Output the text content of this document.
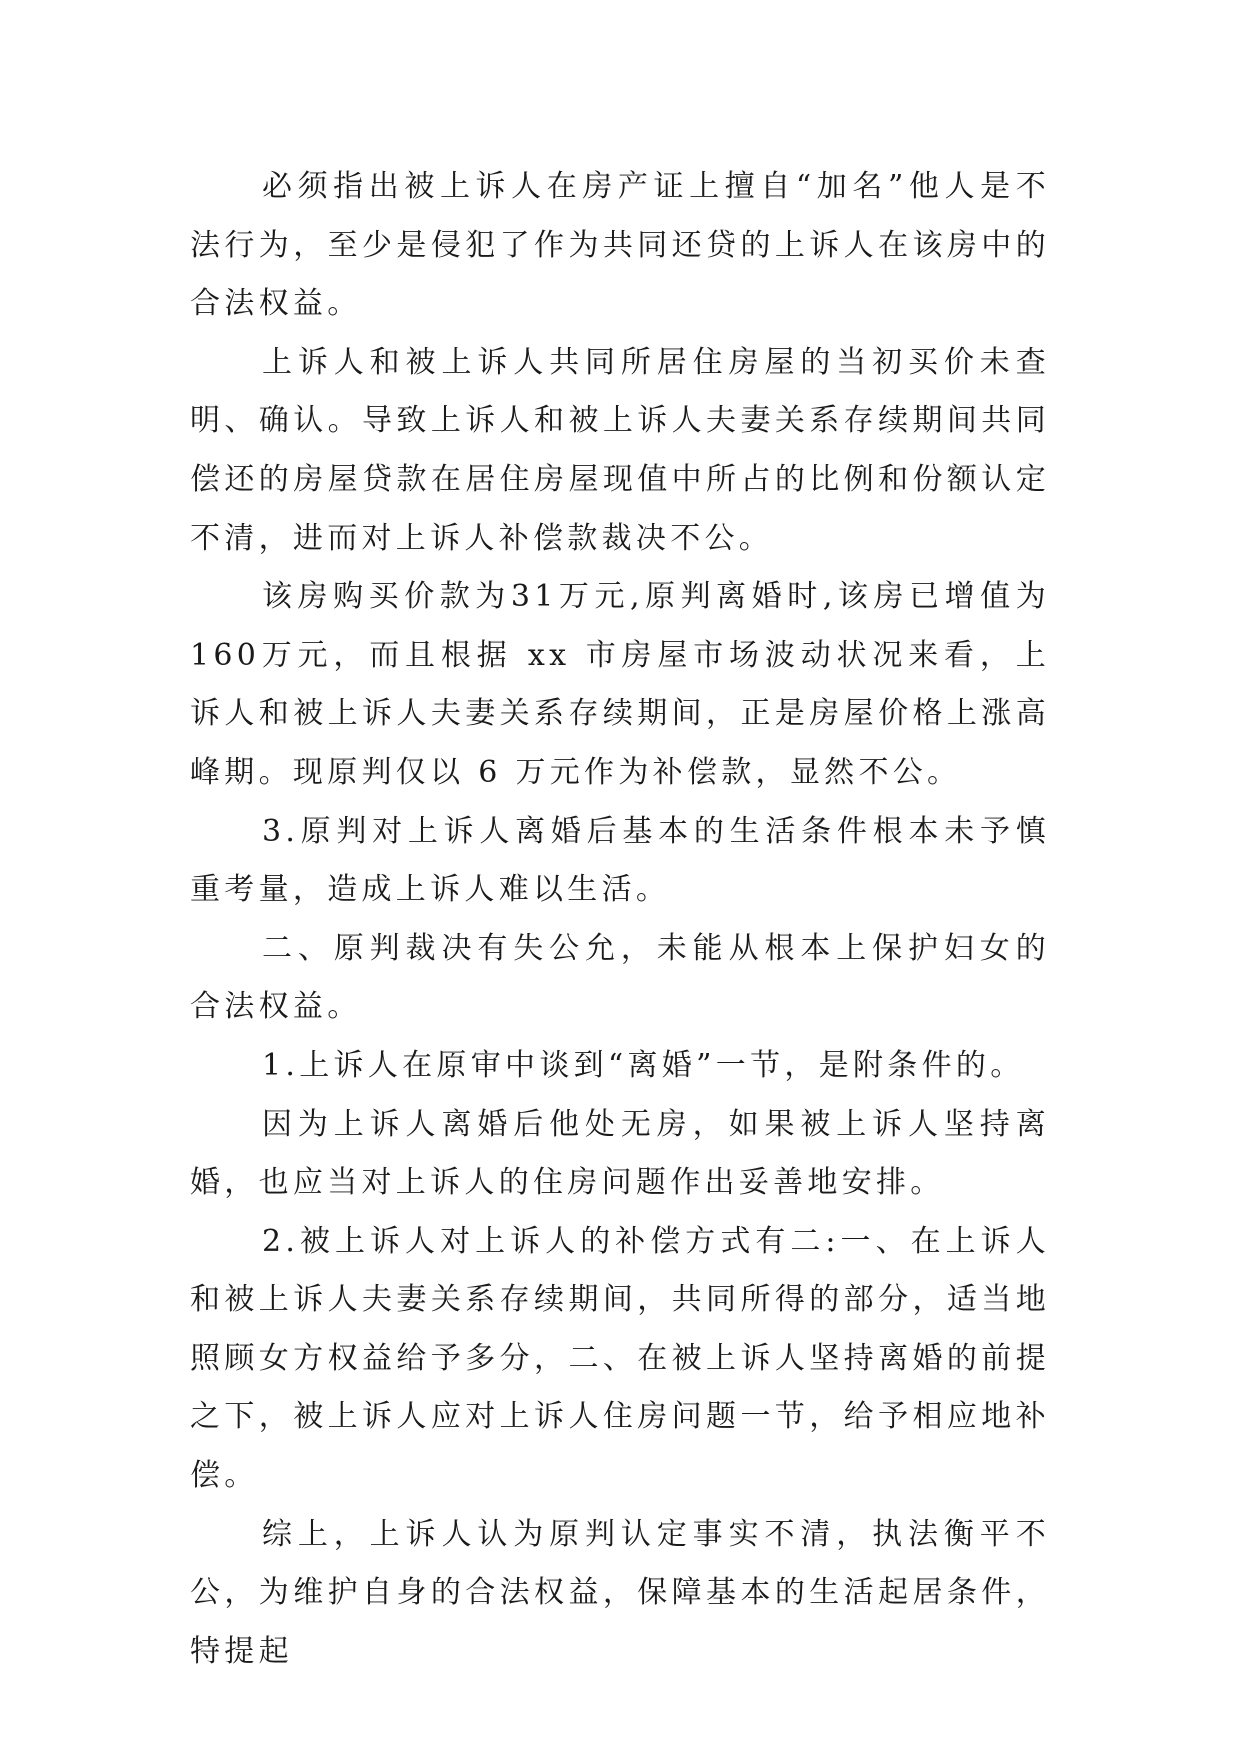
必须指出被上诉人在房产证上擅自“加名”他人是不法行为，至少是侵犯了作为共同还贷的上诉人在该房中的合法权益。

上诉人和被上诉人共同所居住房屋的当初买价未查明、确认。导致上诉人和被上诉人夫妻关系存续期间共同偿还的房屋贷款在居住房屋现值中所占的比例和份额认定不清，进而对上诉人补偿款裁决不公。

该房购买价款为31万元,原判离婚时,该房已增值为160万元，而且根据 xx 市房屋市场波动状况来看，上诉人和被上诉人夫妻关系存续期间，正是房屋价格上涨高峰期。现原判仅以 6 万元作为补偿款，显然不公。

3.原判对上诉人离婚后基本的生活条件根本未予慎重考量，造成上诉人难以生活。

二、原判裁决有失公允，未能从根本上保护妇女的合法权益。

1.上诉人在原审中谈到“离婚”一节，是附条件的。

因为上诉人离婚后他处无房，如果被上诉人坚持离婚，也应当对上诉人的住房问题作出妥善地安排。

2.被上诉人对上诉人的补偿方式有二:一、在上诉人和被上诉人夫妻关系存续期间，共同所得的部分，适当地照顾女方权益给予多分，二、在被上诉人坚持离婚的前提之下，被上诉人应对上诉人住房问题一节，给予相应地补偿。

综上，上诉人认为原判认定事实不清，执法衡平不公，为维护自身的合法权益，保障基本的生活起居条件，特提起
